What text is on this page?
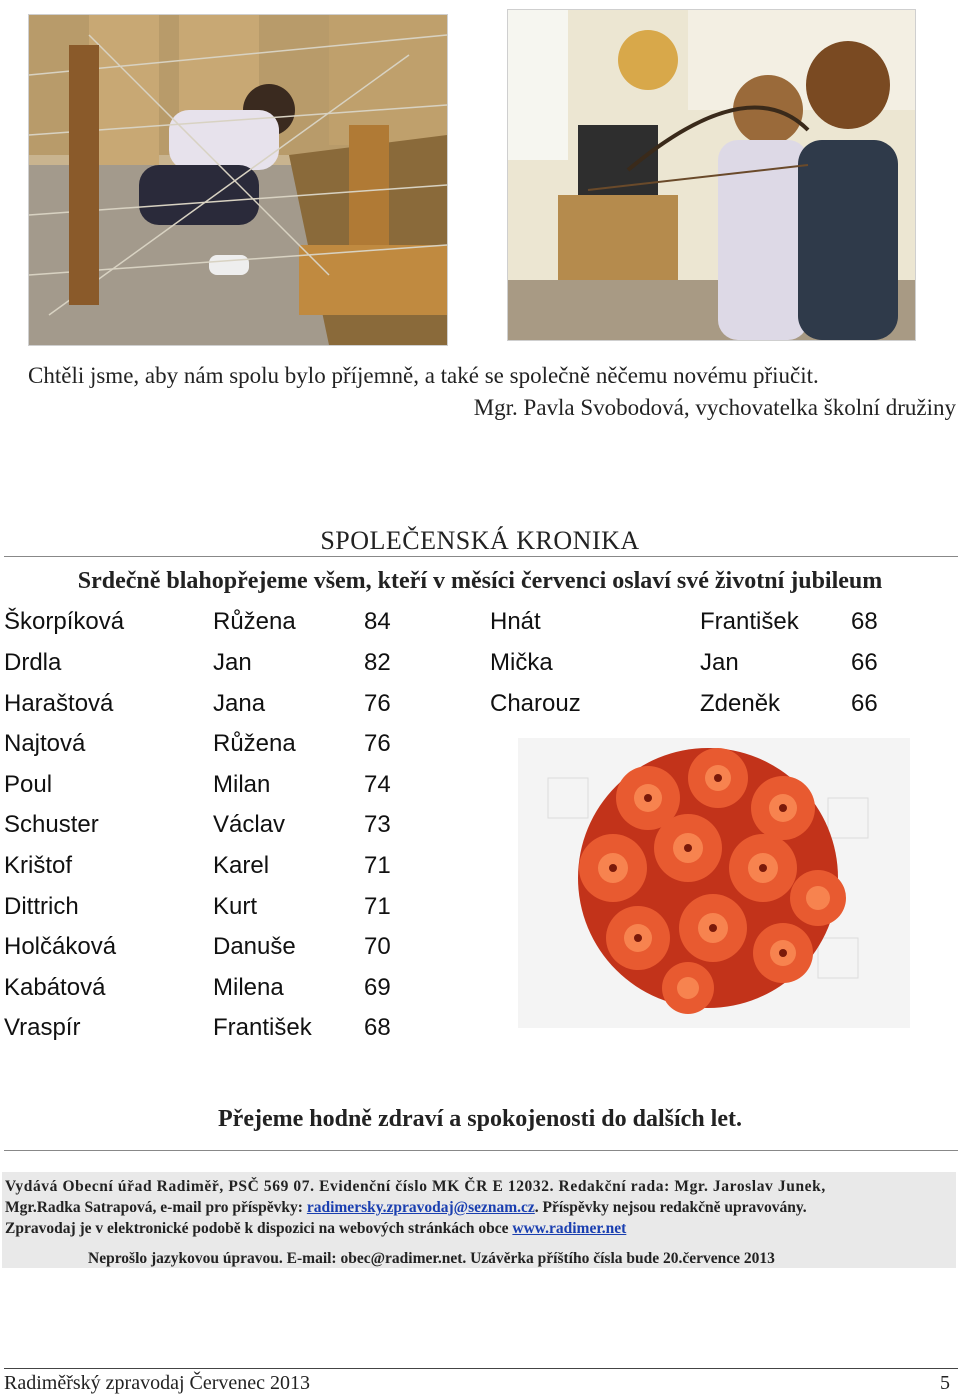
Chtěli jsme, aby nám spolu bylo příjemně, a také se společně něčemu novému přiučit.
Mgr. Pavla Svobodová, vychovatelka školní družiny
SPOLEČENSKÁ KRONIKA
Srdečně blahopřejeme všem, kteří v měsíci červenci oslaví své životní jubileum
Škorpíková	Růžena	84
Drdla	Jan	82
Haraštová	Jana	76
Najtová	Růžena	76
Poul	Milan	74
Schuster	Václav	73
Krištof	Karel	71
Dittrich	Kurt	71
Holčáková	Danuše	70
Kabátová	Milena	69
Vraspír	František 68
Hnát	František 68
Mička	Jan	66
Charouz	Zdeněk	66
Přejeme hodně zdraví a spokojenosti do dalších let.
Vydává Obecní úřad Radiměř, PSČ 569 07. Evidenční číslo MK ČR E 12032. Redakční rada: Mgr. Jaroslav Junek,
Mgr.Radka Satrapová, e-mail pro příspěvky: radimersky.zpravodaj@seznam.cz. Příspěvky nejsou redakčně upravovány.
Zpravodaj je v elektronické podobě k dispozici na webových stránkách obce www.radimer.net
Neprošlo jazykovou úpravou. E-mail: obec@radimer.net. Uzávěrka příštího čísla bude 20.července 2013
Radiměřský zpravodaj Červenec 2013	5
